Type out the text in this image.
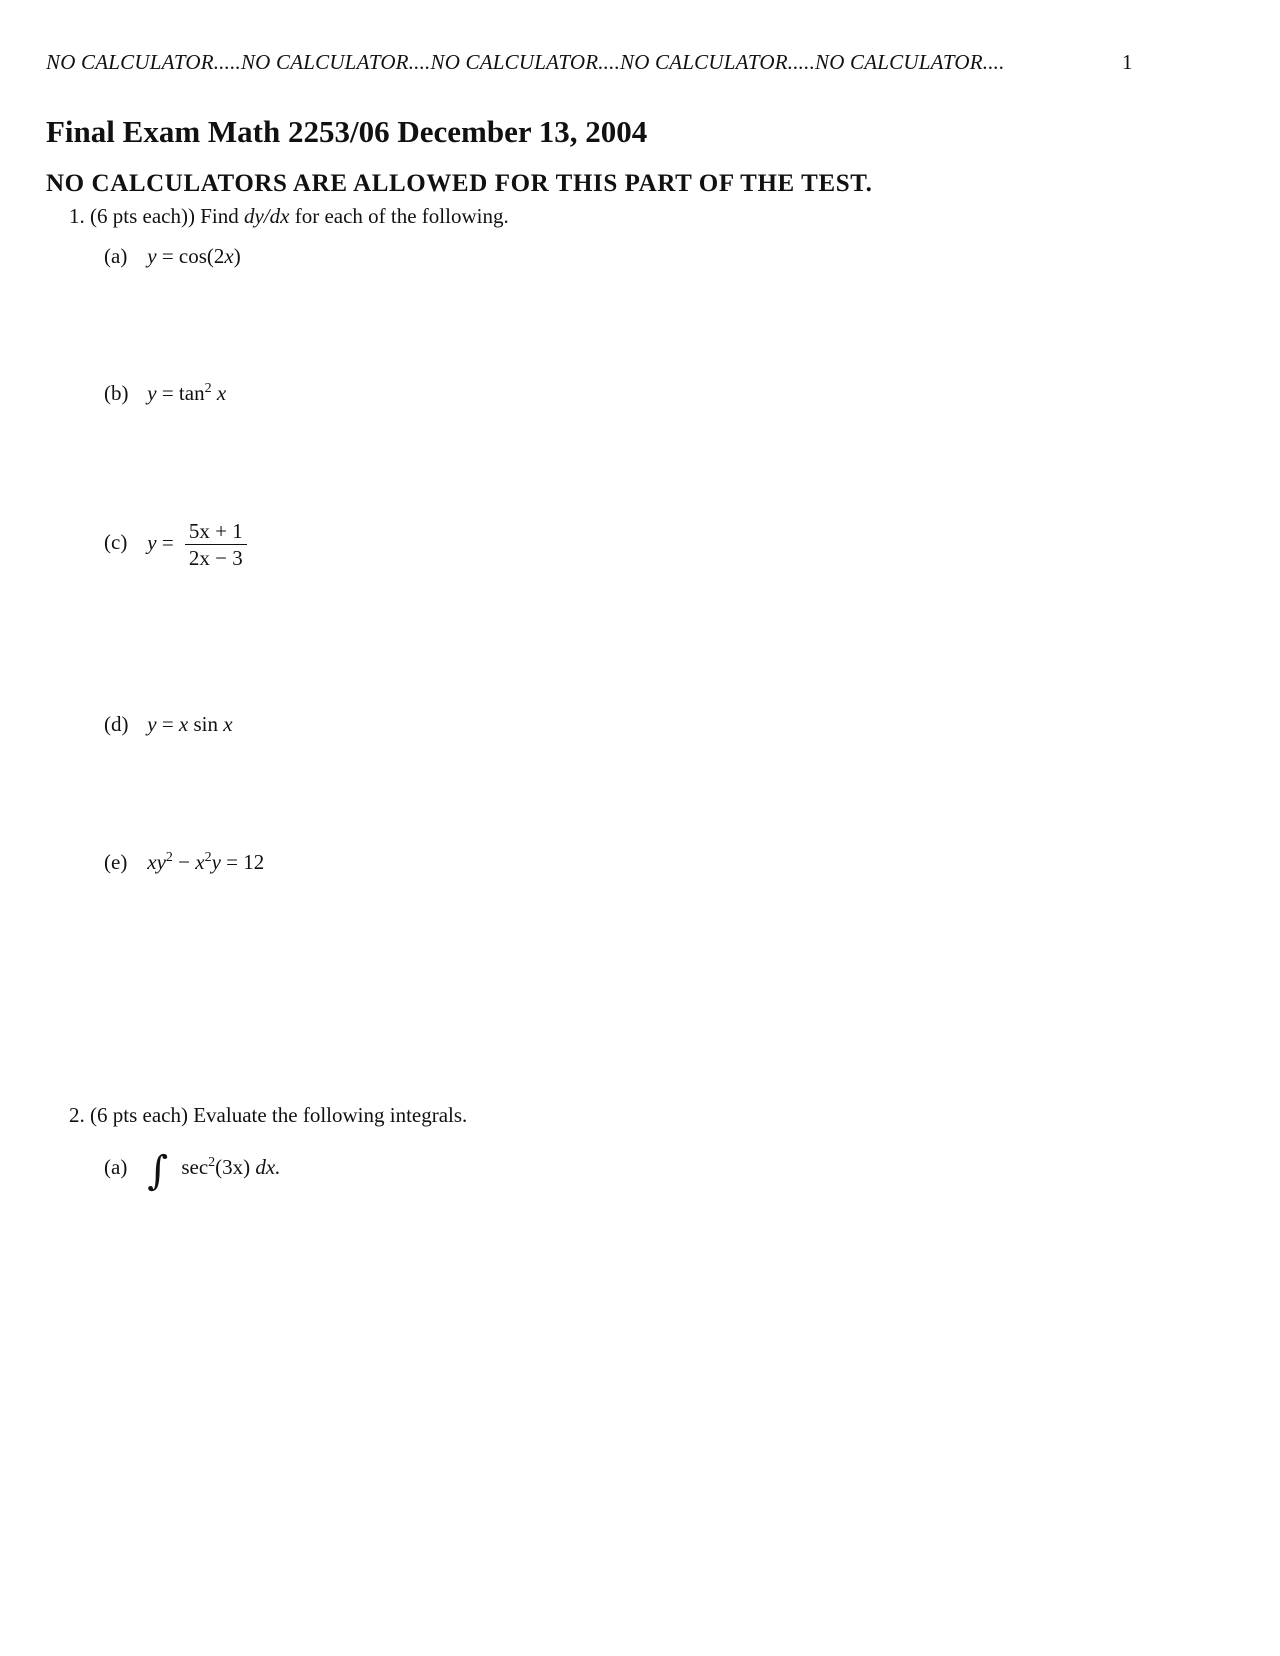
NO CALCULATOR.....NO CALCULATOR....NO CALCULATOR....NO CALCULATOR.....NO CALCULATOR....	1
Final Exam Math 2253/06 December 13, 2004
NO CALCULATORS ARE ALLOWED FOR THIS PART OF THE TEST.
1. (6 pts each)) Find dy/dx for each of the following.
(a) y = cos(2x)
(b) $y = \tan^2 x$
(c) $y = \frac{5x + 1}{2x - 3}$
(d) y = x sin x
(e) $xy^2 - x^2y = 12$
2. (6 pts each) Evaluate the following integrals.
(a) ∫ $\sec^2(3x)$ dx.
